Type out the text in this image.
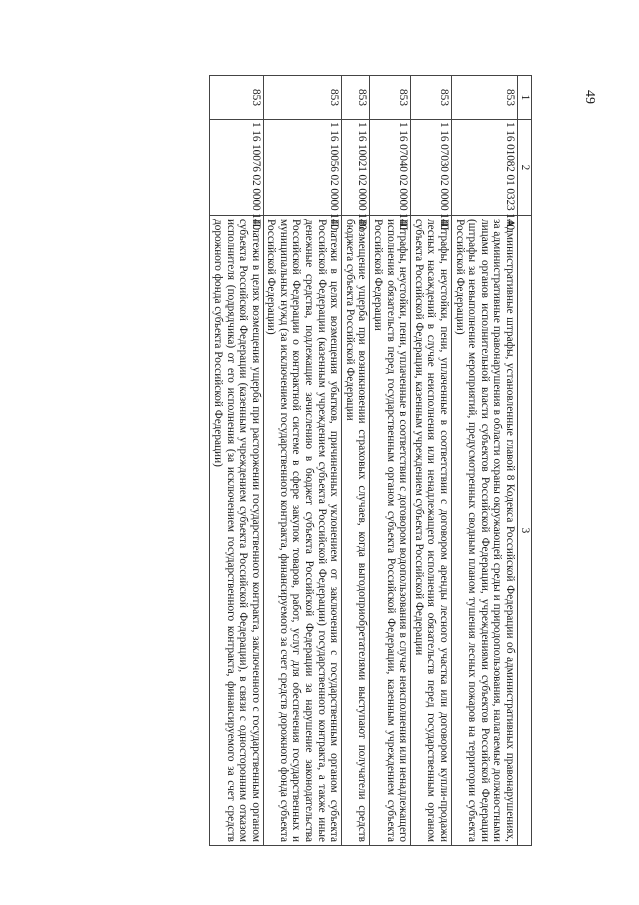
49
1	2	3
853	1 16 01082 01 0323 140	Административные штрафы, установленные главой 8 Кодекса Российской Федерации об административных правонарушениях, за административные правонарушения в области охраны окружающей среды и природопользования, налагаемые должностными лицами органов исполнительной власти субъектов Российской Федерации, учреждениями субъектов Российской Федерации (штрафы за невыполнение мероприятий, предусмотренных сводным планом тушения лесных пожаров на территории субъекта Российской Федерации)
853	1 16 07030 02 0000 140	Штрафы, неустойки, пени, уплаченные в соответствии с договором аренды лесного участка или договором купли-продажи лесных насаждений в случае неисполнения или ненадлежащего исполнения обязательств перед государственным органом субъекта Российской Федерации, казенным учреждением субъекта Российской Федерации
853	1 16 07040 02 0000 140	Штрафы, неустойки, пени, уплаченные в соответствии с договором водопользования в случае неисполнения или ненадлежащего исполнения обязательств перед государственным органом субъекта Российской Федерации, казенным учреждением субъекта Российской Федерации
853	1 16 10021 02 0000 140	Возмещение ущерба при возникновении страховых случаев, когда выгодоприобретателями выступают получатели средств бюджета субъекта Российской Федерации
853	1 16 10056 02 0000 140	Платежи в целях возмещения убытков, причиненных уклонением от заключения с государственным органом субъекта Российской Федерации (казенным учреждением субъекта Российской Федерации) государственного контракта, а также иные денежные средства, подлежащие зачислению в бюджет субъекта Российской Федерации за нарушение законодательства Российской Федерации о контрактной системе в сфере закупок товаров, работ, услуг для обеспечения государственных и муниципальных нужд (за исключением государственного контракта, финансируемого за счет средств дорожного фонда субъекта Российской Федерации)
853	1 16 10076 02 0000 140	Платежи в целях возмещения ущерба при расторжении государственного контракта, заключенного с государственным органом субъекта Российской Федерации (казенным учреждением субъекта Российской Федерации), в связи с односторонним отказом исполнителя (подрядчика) от его исполнения (за исключением государственного контракта, финансируемого за счет средств дорожного фонда субъекта Российской Федерации)
